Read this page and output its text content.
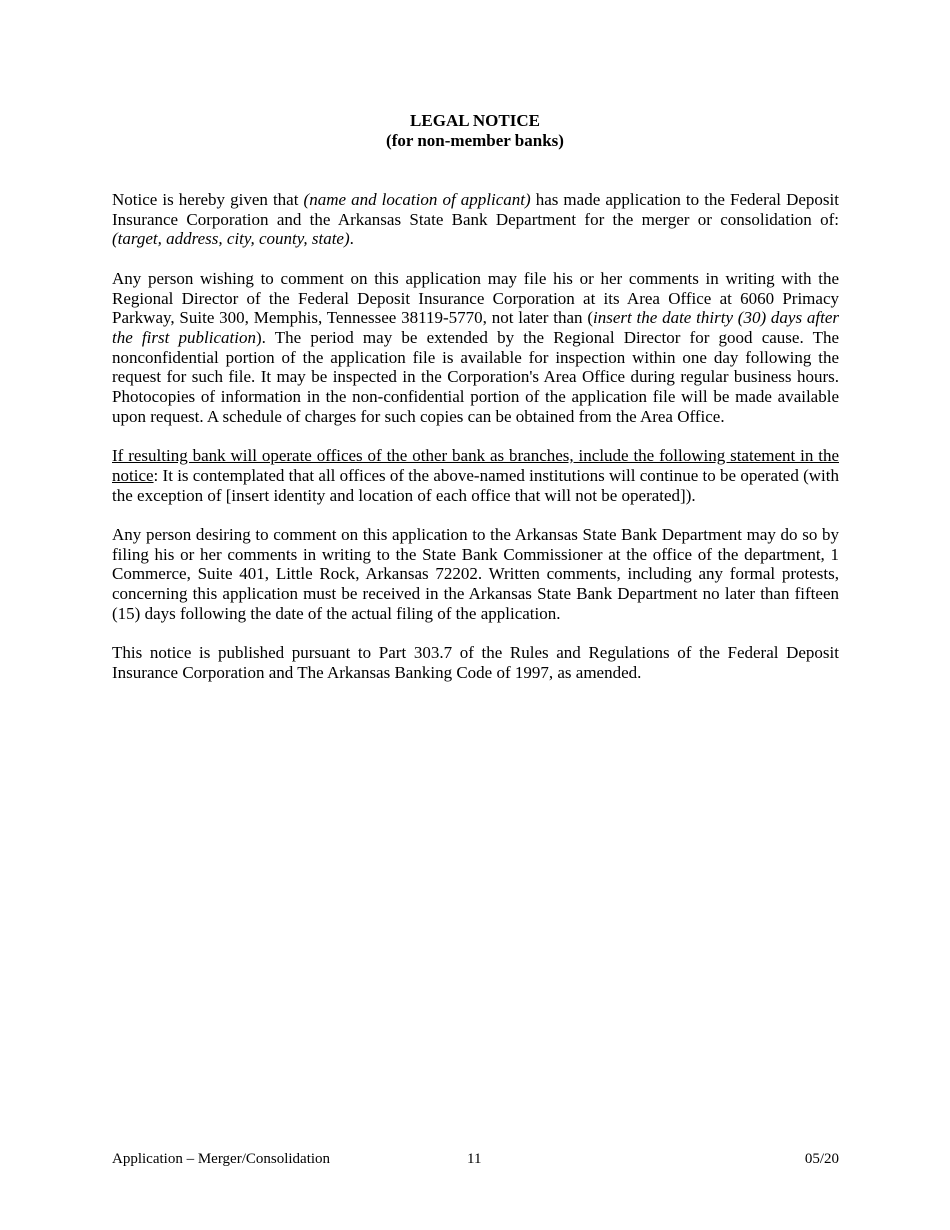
LEGAL NOTICE
(for non-member banks)

Notice is hereby given that (name and location of applicant) has made application to the Federal Deposit Insurance Corporation and the Arkansas State Bank Department for the merger or consolidation of: (target, address, city, county, state).

Any person wishing to comment on this application may file his or her comments in writing with the Regional Director of the Federal Deposit Insurance Corporation at its Area Office at 6060 Primacy Parkway, Suite 300, Memphis, Tennessee 38119-5770, not later than (insert the date thirty (30) days after the first publication). The period may be extended by the Regional Director for good cause. The nonconfidential portion of the application file is available for inspection within one day following the request for such file. It may be inspected in the Corporation's Area Office during regular business hours. Photocopies of information in the non-confidential portion of the application file will be made available upon request. A schedule of charges for such copies can be obtained from the Area Office.

If resulting bank will operate offices of the other bank as branches, include the following statement in the notice: It is contemplated that all offices of the above-named institutions will continue to be operated (with the exception of [insert identity and location of each office that will not be operated]).

Any person desiring to comment on this application to the Arkansas State Bank Department may do so by filing his or her comments in writing to the State Bank Commissioner at the office of the department, 1 Commerce, Suite 401, Little Rock, Arkansas 72202. Written comments, including any formal protests, concerning this application must be received in the Arkansas State Bank Department no later than fifteen (15) days following the date of the actual filing of the application.

This notice is published pursuant to Part 303.7 of the Rules and Regulations of the Federal Deposit Insurance Corporation and The Arkansas Banking Code of 1997, as amended.

Application – Merger/Consolidation	11	05/20
